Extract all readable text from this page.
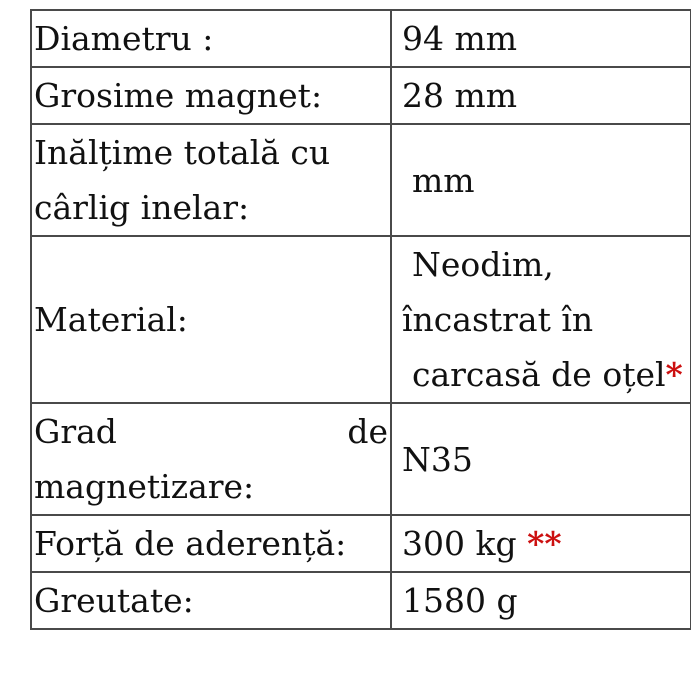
Diametru :	94 mm
Grosime magnet:	28 mm

Inălțime totală cu
cârlig inelar:	mm
Material:	Neodim,
încastrat în
carcasă de oțel*

Grad de
magnetizare:	N35
Forță de aderență:	300 kg **
Greutate:	1580 g
